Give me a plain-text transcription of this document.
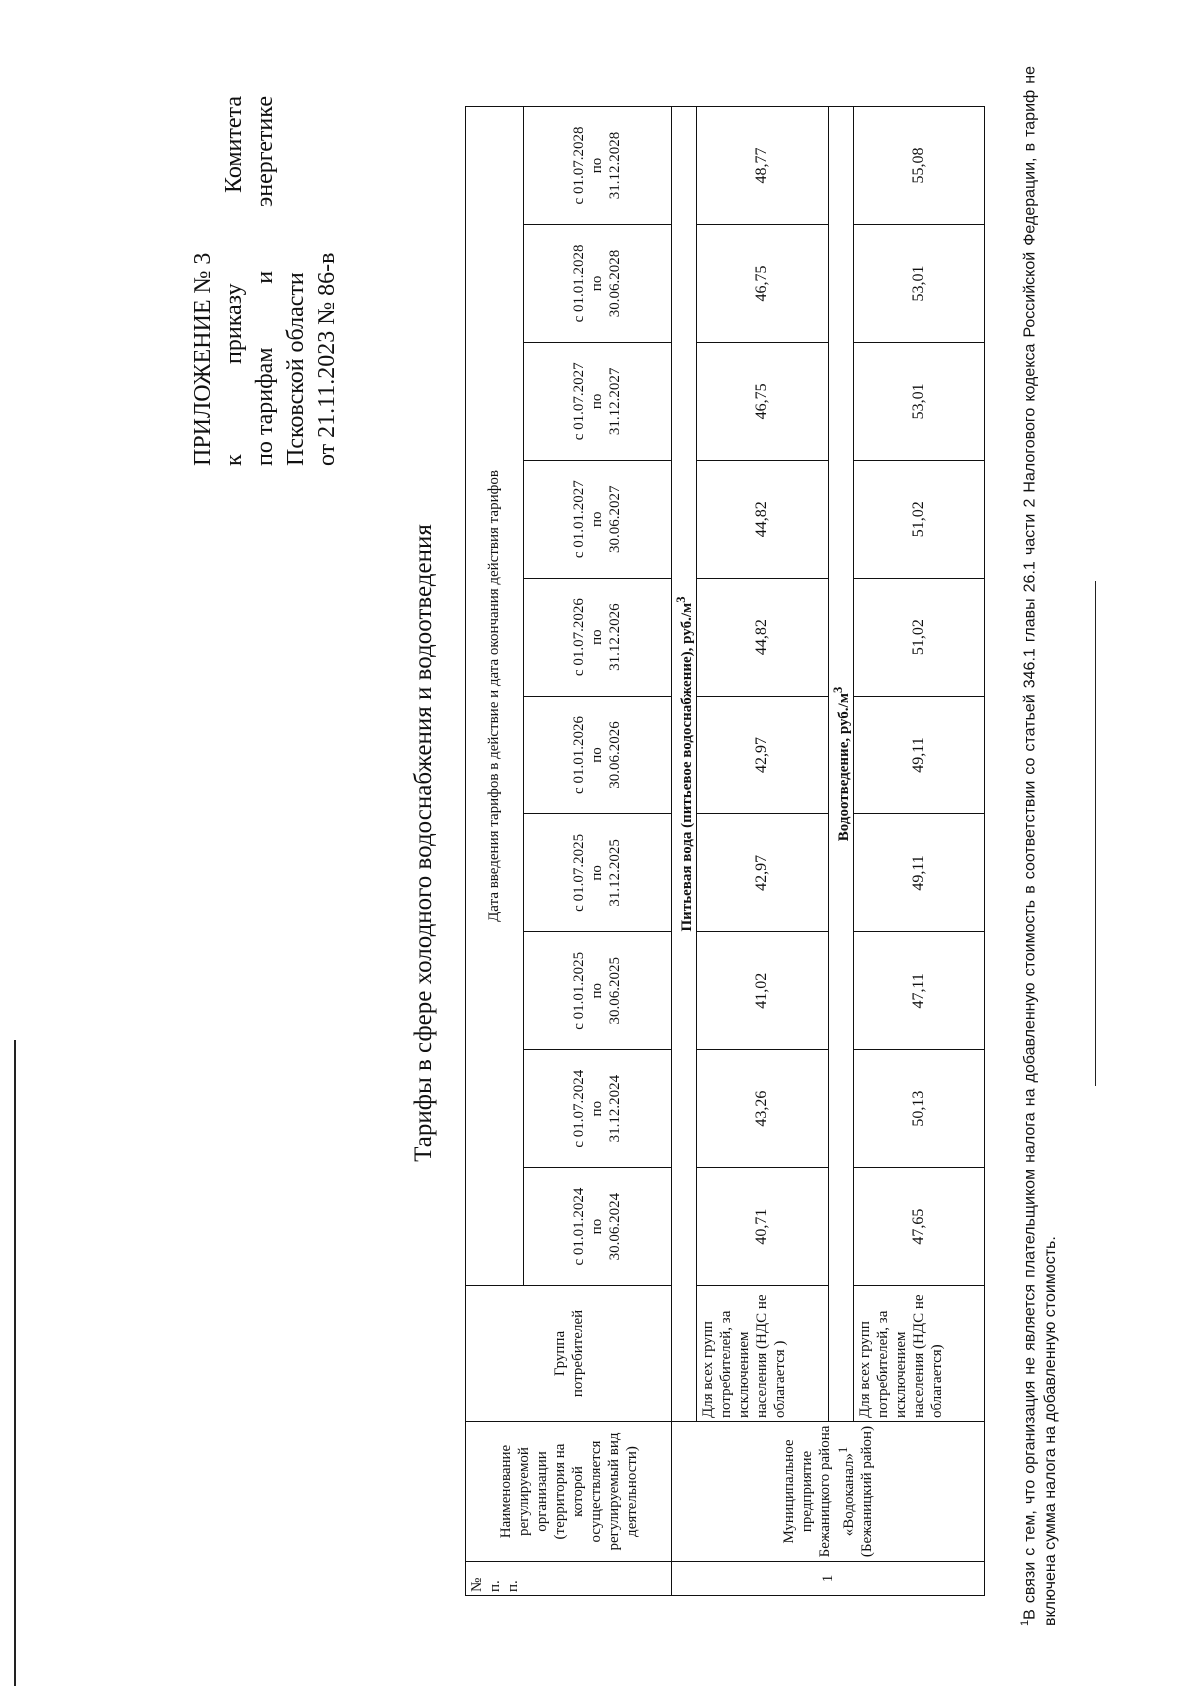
ПРИЛОЖЕНИЕ № 3 к
приказу
Комитета
по тарифам
и
энергетике
Псковской области от 21.11.2023 № 86-в
Тарифы в сфере холодного водоснабжения и водоотведения
№ п. п.	Наименование регулируемой организации (территория на которой осуществляется регулируемый вид деятельности)	Группа потребителей	Дата введения тарифов в действие и дата окончания действия тарифов									
			с 01.01.2024 по 30.06.2024	с 01.07.2024 по 31.12.2024	с 01.01.2025 по 30.06.2025	с 01.07.2025 по 31.12.2025	с 01.01.2026 по 30.06.2026	с 01.07.2026 по 31.12.2026	с 01.01.2027 по 30.06.2027	с 01.07.2027 по 31.12.2027	с 01.01.2028 по 30.06.2028	с 01.07.2028 по 31.12.2028
1	Муниципальное предприятие Бежаницкого района «Водоканал»$^1$ (Бежаницкий район)	Питьевая вода (питьевое водоснабжение), $руб./м^3$
		Для всех групп потребителей, за исключением населения (НДС не облагается )	40,71	43,26	41,02	42,97	42,97	44,82	44,82	46,75	46,75	48,77
		Водоотведение, $руб./м^3$
		Для всех групп потребителей, за исключением населения (НДС не облагается)	47,65	50,13	47,11	49,11	49,11	51,02	51,02	53,01	53,01	55,08
$^1$В связи с тем, что организация не является плательщиком налога на добавленную стоимость в соответствии со статьей 346.1 главы 26.1 части 2 Налогового кодекса Российской Федерации, в тариф не включена сумма налога на добавленную стоимость.
